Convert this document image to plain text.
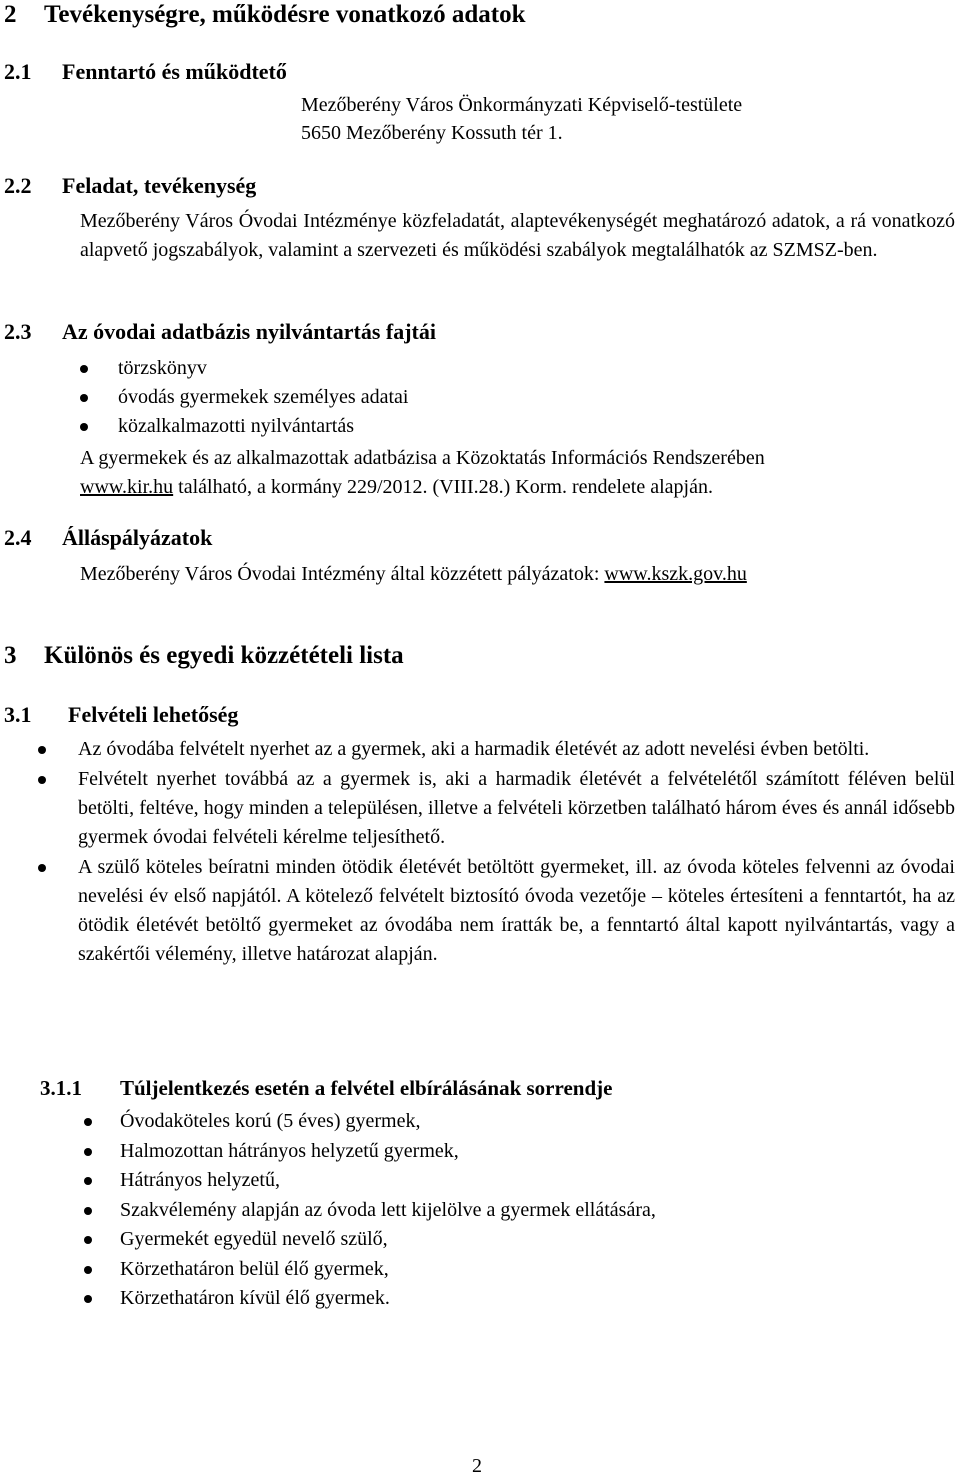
2 Tevékenységre, működésre vonatkozó adatok
2.1 Fenntartó és működtető
Mezőberény Város Önkormányzati Képviselő-testülete
5650 Mezőberény Kossuth tér 1.
2.2 Feladat, tevékenység
Mezőberény Város Óvodai Intézménye közfeladatát, alaptevékenységét meghatározó adatok, a rá vonatkozó alapvető jogszabályok, valamint a szervezeti és működési szabályok megtalálhatók az SZMSZ-ben.
2.3 Az óvodai adatbázis nyilvántartás fajtái
törzskönyv
óvodás gyermekek személyes adatai
közalkalmazotti nyilvántartás
A gyermekek és az alkalmazottak adatbázisa a Közoktatás Információs Rendszerében
www.kir.hu található, a kormány 229/2012. (VIII.28.) Korm. rendelete alapján.
2.4 Álláspályázatok
Mezőberény Város Óvodai Intézmény által közzétett pályázatok: www.kszk.gov.hu
3 Különös és egyedi közzétételi lista
3.1 Felvételi lehetőség
Az óvodába felvételt nyerhet az a gyermek, aki a harmadik életévét az adott nevelési évben betölti.
Felvételt nyerhet továbbá az a gyermek is, aki a harmadik életévét a felvételétől számított féléven belül betölti, feltéve, hogy minden a településen, illetve a felvételi körzetben található három éves és annál idősebb gyermek óvodai felvételi kérelme teljesíthető.
A szülő köteles beíratni minden ötödik életévét betöltött gyermeket, ill. az óvoda köteles felvenni az óvodai nevelési év első napjától. A kötelező felvételt biztosító óvoda vezetője – köteles értesíteni a fenntartót, ha az ötödik életévét betöltő gyermeket az óvodába nem íratták be, a fenntartó által kapott nyilvántartás, vagy a szakértői vélemény, illetve határozat alapján.
3.1.1 Túljelentkezés esetén a felvétel elbírálásának sorrendje
Óvodaköteles korú (5 éves) gyermek,
Halmozottan hátrányos helyzetű gyermek,
Hátrányos helyzetű,
Szakvélemény alapján az óvoda lett kijelölve a gyermek ellátására,
Gyermekét egyedül nevelő szülő,
Körzethatáron belül élő gyermek,
Körzethatáron kívül élő gyermek.
2
